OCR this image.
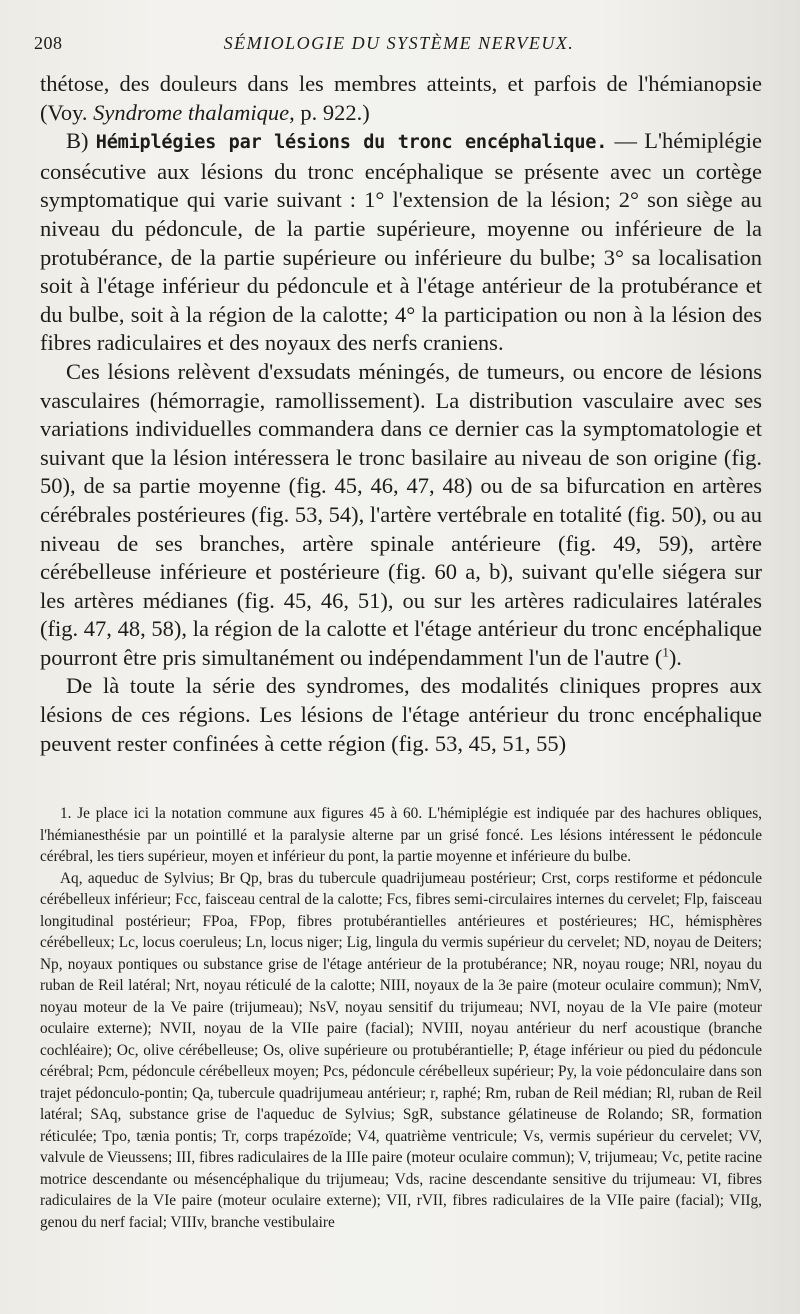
208	SÉMIOLOGIE DU SYSTÈME NERVEUX.

thétose, des douleurs dans les membres atteints, et parfois de l'hémianopsie (Voy. Syndrome thalamique, p. 922.)

B) Hémiplégies par lésions du tronc encéphalique. — L'hémiplégie consécutive aux lésions du tronc encéphalique se présente avec un cortège symptomatique qui varie suivant : 1° l'extension de la lésion; 2° son siège au niveau du pédoncule, de la partie supérieure, moyenne ou inférieure de la protubérance, de la partie supérieure ou inférieure du bulbe; 3° sa localisation soit à l'étage inférieur du pédoncule et à l'étage antérieur de la protubérance et du bulbe, soit à la région de la calotte; 4° la participation ou non à la lésion des fibres radiculaires et des noyaux des nerfs craniens.

Ces lésions relèvent d'exsudats méningés, de tumeurs, ou encore de lésions vasculaires (hémorragie, ramollissement). La distribution vasculaire avec ses variations individuelles commandera dans ce dernier cas la symptomatologie et suivant que la lésion intéressera le tronc basilaire au niveau de son origine (fig. 50), de sa partie moyenne (fig. 45, 46, 47, 48) ou de sa bifurcation en artères cérébrales postérieures (fig. 53, 54), l'artère vertébrale en totalité (fig. 50), ou au niveau de ses branches, artère spinale antérieure (fig. 49, 59), artère cérébelleuse inférieure et postérieure (fig. 60 a, b), suivant qu'elle siégera sur les artères médianes (fig. 45, 46, 51), ou sur les artères radiculaires latérales (fig. 47, 48, 58), la région de la calotte et l'étage antérieur du tronc encéphalique pourront être pris simultanément ou indépendamment l'un de l'autre ($^1$).

De là toute la série des syndromes, des modalités cliniques propres aux lésions de ces régions. Les lésions de l'étage antérieur du tronc encéphalique peuvent rester confinées à cette région (fig. 53, 45, 51, 55)

1. Je place ici la notation commune aux figures 45 à 60. L'hémiplégie est indiquée par des hachures obliques, l'hémianesthésie par un pointillé et la paralysie alterne par un grisé foncé. Les lésions intéressent le pédoncule cérébral, les tiers supérieur, moyen et inférieur du pont, la partie moyenne et inférieure du bulbe.

Aq, aqueduc de Sylvius; Br Qp, bras du tubercule quadrijumeau postérieur; Crst, corps restiforme et pédoncule cérébelleux inférieur; Fcc, faisceau central de la calotte; Fcs, fibres semi-circulaires internes du cervelet; Flp, faisceau longitudinal postérieur; FPoa, FPop, fibres protubérantielles antérieures et postérieures; HC, hémisphères cérébelleux; Lc, locus coeruleus; Ln, locus niger; Lig, lingula du vermis supérieur du cervelet; ND, noyau de Deiters; Np, noyaux pontiques ou substance grise de l'étage antérieur de la protubérance; NR, noyau rouge; NRl, noyau du ruban de Reil latéral; Nrt, noyau réticulé de la calotte; NIII, noyaux de la 3e paire (moteur oculaire commun); NmV, noyau moteur de la Ve paire (trijumeau); NsV, noyau sensitif du trijumeau; NVI, noyau de la VIe paire (moteur oculaire externe); NVII, noyau de la VIIe paire (facial); NVIII, noyau antérieur du nerf acoustique (branche cochléaire); Oc, olive cérébelleuse; Os, olive supérieure ou protubérantielle; P, étage inférieur ou pied du pédoncule cérébral; Pcm, pédoncule cérébelleux moyen; Pcs, pédoncule cérébelleux supérieur; Py, la voie pédonculaire dans son trajet pédonculo-pontin; Qa, tubercule quadrijumeau antérieur; r, raphé; Rm, ruban de Reil médian; Rl, ruban de Reil latéral; SAq, substance grise de l'aqueduc de Sylvius; SgR, substance gélatineuse de Rolando; SR, formation réticulée; Tpo, tænia pontis; Tr, corps trapézoïde; V4, quatrième ventricule; Vs, vermis supérieur du cervelet; VV, valvule de Vieussens; III, fibres radiculaires de la IIIe paire (moteur oculaire commun); V, trijumeau; Vc, petite racine motrice descendante ou mésencéphalique du trijumeau; Vds, racine descendante sensitive du trijumeau: VI, fibres radiculaires de la VIe paire (moteur oculaire externe); VII, rVII, fibres radiculaires de la VIIe paire (facial); VIIg, genou du nerf facial; VIIIv, branche vestibulaire
